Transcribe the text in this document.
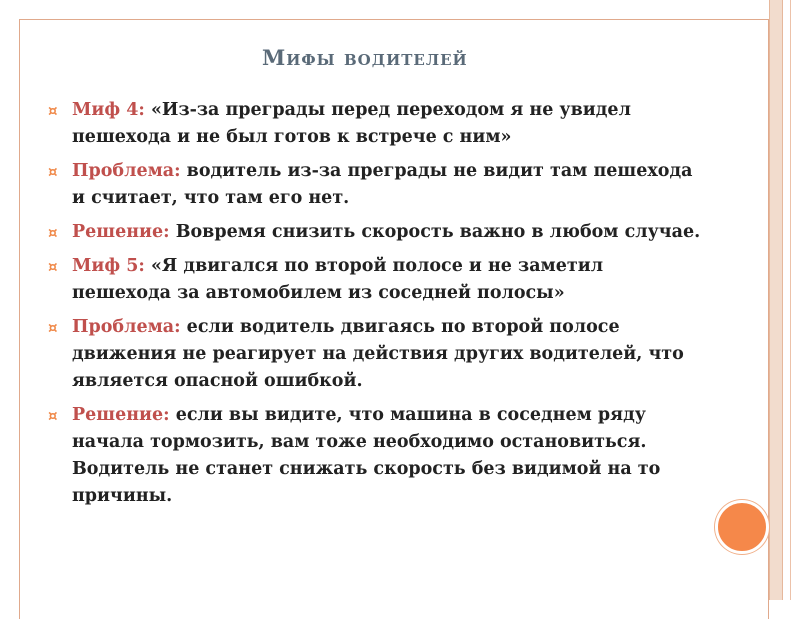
Мифы водителей
¤ Миф 4: «Из-за преграды перед переходом я не увидел пешехода и не был готов к встрече с ним»
¤ Проблема: водитель из-за преграды не видит там пешехода и считает, что там его нет.
¤ Решение: Вовремя снизить скорость важно в любом случае.
¤ Миф 5: «Я двигался по второй полосе и не заметил пешехода за автомобилем из соседней полосы»
¤ Проблема: если водитель двигаясь по второй полосе движения не реагирует на действия других водителей, что является опасной ошибкой.
¤ Решение: если вы видите, что машина в соседнем ряду начала тормозить, вам тоже необходимо остановиться. Водитель не станет снижать скорость без видимой на то причины.
